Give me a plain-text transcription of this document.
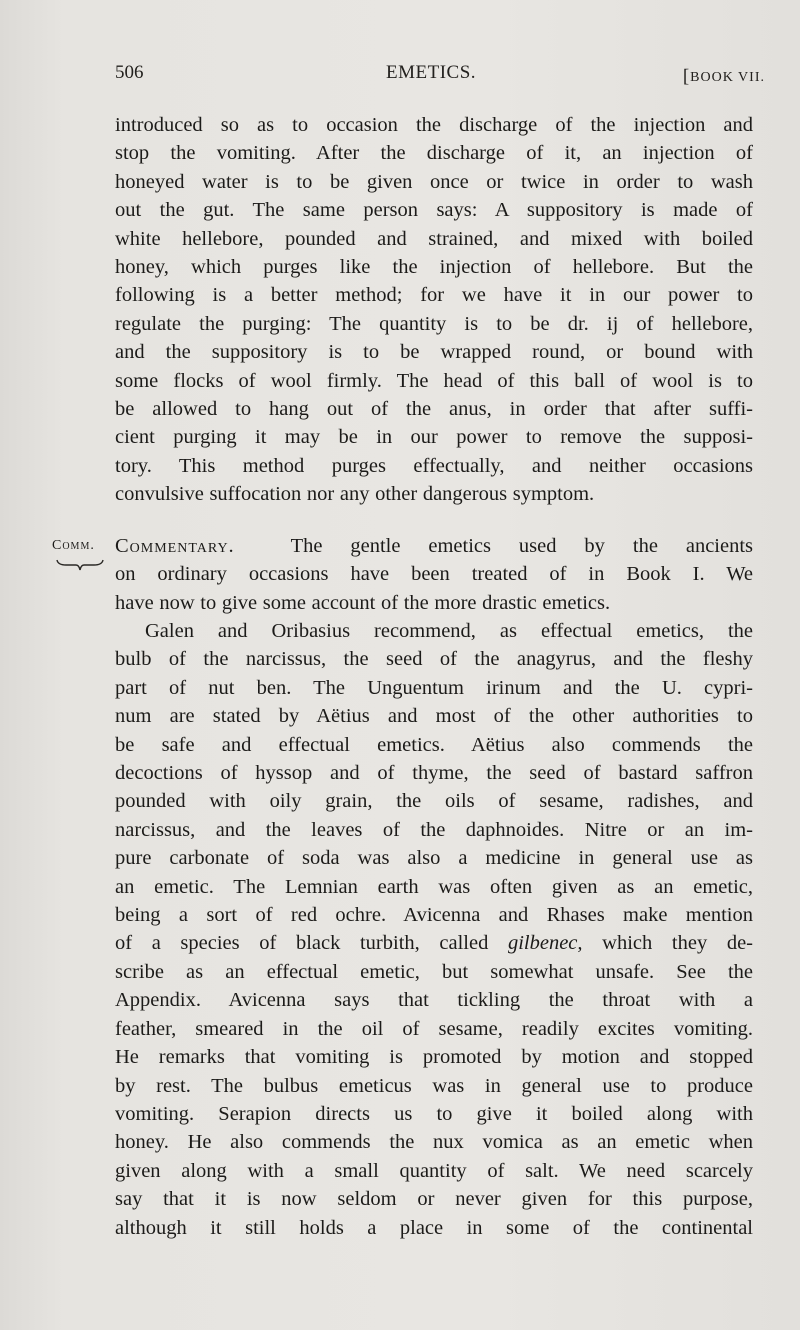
506	EMETICS.	[BOOK VII.
introduced so as to occasion the discharge of the injection and
stop the vomiting. After the discharge of it, an injection of
honeyed water is to be given once or twice in order to wash
out the gut. The same person says: A suppository is made of
white hellebore, pounded and strained, and mixed with boiled
honey, which purges like the injection of hellebore. But the
following is a better method; for we have it in our power to
regulate the purging: The quantity is to be dr. ij of hellebore,
and the suppository is to be wrapped round, or bound with
some flocks of wool firmly. The head of this ball of wool is to
be allowed to hang out of the anus, in order that after suffi-
cient purging it may be in our power to remove the supposi-
tory. This method purges effectually, and neither occasions
convulsive suffocation nor any other dangerous symptom.
Comm. Commentary.	The gentle emetics used by the ancients
on ordinary occasions have been treated of in Book I. We
have now to give some account of the more drastic emetics.
Galen and Oribasius recommend, as effectual emetics, the
bulb of the narcissus, the seed of the anagyrus, and the fleshy
part of nut ben. The Unguentum irinum and the U. cypri-
num are stated by Aëtius and most of the other authorities to
be safe and effectual emetics. Aëtius also commends the
decoctions of hyssop and of thyme, the seed of bastard saffron
pounded with oily grain, the oils of sesame, radishes, and
narcissus, and the leaves of the daphnoides. Nitre or an im-
pure carbonate of soda was also a medicine in general use as
an emetic. The Lemnian earth was often given as an emetic,
being a sort of red ochre. Avicenna and Rhases make mention
of a species of black turbith, called gilbenec, which they de-
scribe as an effectual emetic, but somewhat unsafe. See the
Appendix. Avicenna says that tickling the throat with a
feather, smeared in the oil of sesame, readily excites vomiting.
He remarks that vomiting is promoted by motion and stopped
by rest. The bulbus emeticus was in general use to produce
vomiting. Serapion directs us to give it boiled along with
honey. He also commends the nux vomica as an emetic when
given along with a small quantity of salt. We need scarcely
say that it is now seldom or never given for this purpose,
although it still holds a place in some of the continental
